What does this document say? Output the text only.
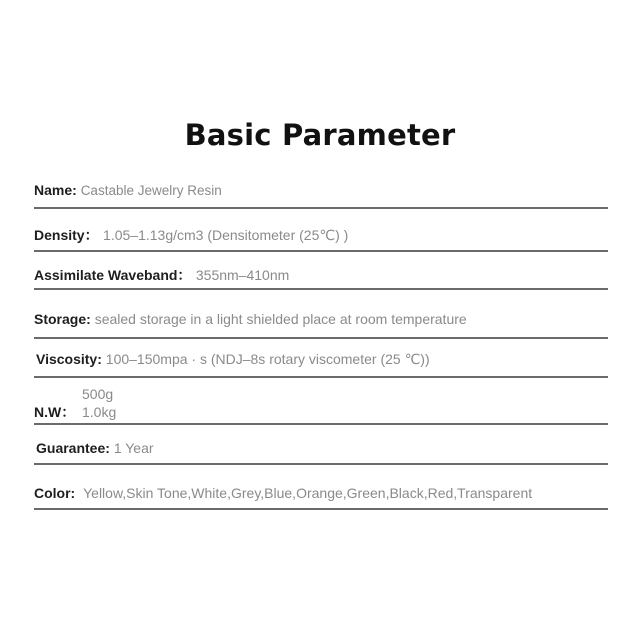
Basic Parameter
Name: Castable Jewelry Resin
Density： 1.05–1.13g/cm3 (Densitometer (25℃) )
Assimilate Waveband： 355nm–410nm
Storage: sealed storage in a light shielded place at room temperature
Viscosity: 100–150mpa · s (NDJ–8s rotary viscometer (25 ℃))
N.W：
500g
1.0kg
Guarantee: 1 Year
Color: Yellow,Skin Tone,White,Grey,Blue,Orange,Green,Black,Red,Transparent
